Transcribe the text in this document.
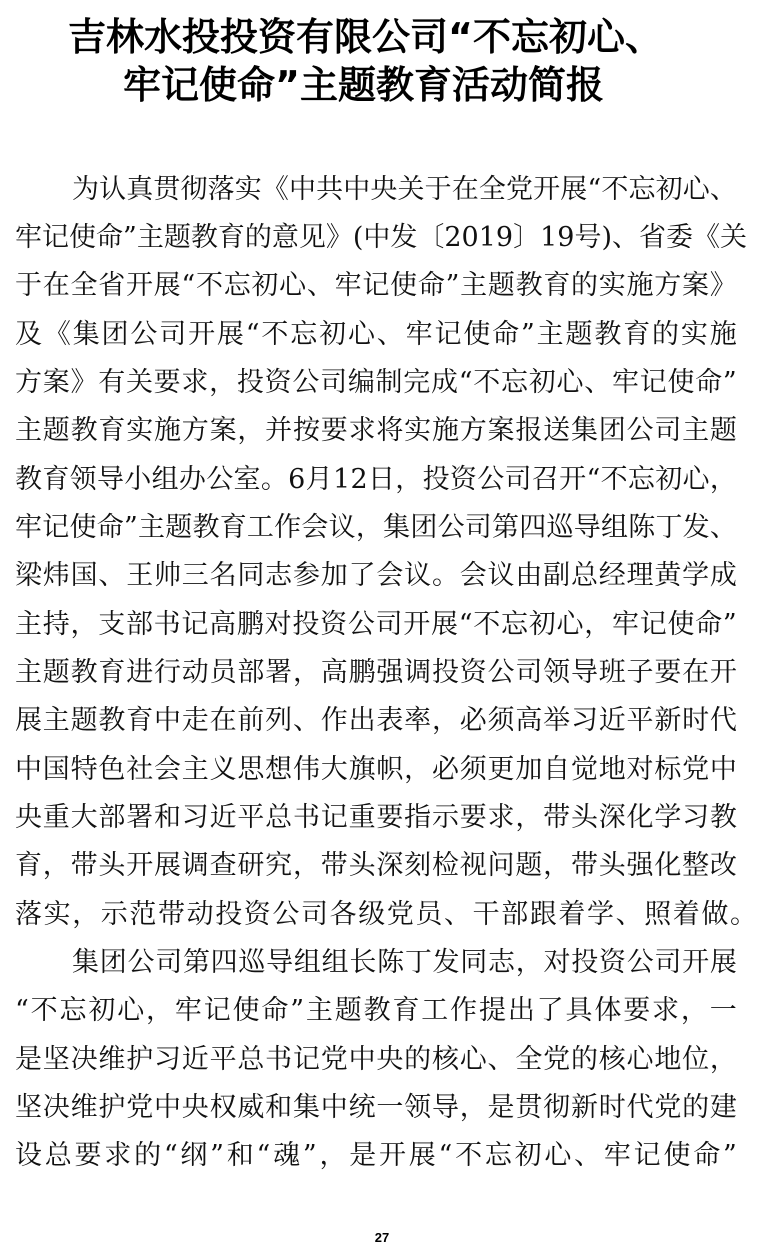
吉林水投投资有限公司“不忘初心、
牢记使命”主题教育活动简报
为 认 真 贯 彻 落 实 《 中 共 中 央 关 于 在 全 党 开 展 “ 不 忘 初 心 、
牢 记 使 命 ” 主 题 教 育 的 意 见 》 ( 中 发 〔 2 0 1 9 〕 1 9 号 ) 、 省 委 《 关
于 在 全 省 开 展 “ 不 忘 初 心 、 牢 记 使 命 ” 主 题 教 育 的 实 施 方 案 》
及 《 集 团 公 司 开 展 “ 不 忘 初 心 、 牢 记 使 命 ” 主 题 教 育 的 实 施
方 案 》 有 关 要 求 ， 投 资 公 司 编 制 完 成 “ 不 忘 初 心 、 牢 记 使 命 ”
主 题 教 育 实 施 方 案 ， 并 按 要 求 将 实 施 方 案 报 送 集 团 公 司 主 题
教 育 领 导 小 组 办 公 室 。 6 月 1 2 日 ， 投 资 公 司 召 开 “ 不 忘 初 心 ，
牢 记 使 命 ” 主 题 教 育 工 作 会 议 ， 集 团 公 司 第 四 巡 导 组 陈 丁 发 、
梁 炜 国 、 王 帅 三 名 同 志 参 加 了 会 议 。 会 议 由 副 总 经 理 黄 学 成
主 持 ， 支 部 书 记 高 鹏 对 投 资 公 司 开 展 “ 不 忘 初 心 ， 牢 记 使 命 ”
主 题 教 育 进 行 动 员 部 署 ， 高 鹏 强 调 投 资 公 司 领 导 班 子 要 在 开
展 主 题 教 育 中 走 在 前 列 、 作 出 表 率 ， 必 须 高 举 习 近 平 新 时 代
中 国 特 色 社 会 主 义 思 想 伟 大 旗 帜 ， 必 须 更 加 自 觉 地 对 标 党 中
央 重 大 部 署 和 习 近 平 总 书 记 重 要 指 示 要 求 ， 带 头 深 化 学 习 教
育 ， 带 头 开 展 调 查 研 究 ， 带 头 深 刻 检 视 问 题 ， 带 头 强 化 整 改
落实，示范带动投资公司各级党员、干部跟着学、照着做。
集 团 公 司 第 四 巡 导 组 组 长 陈 丁 发 同 志 ， 对 投 资 公 司 开 展
“ 不 忘 初 心 ， 牢 记 使 命 ” 主 题 教 育 工 作 提 出 了 具 体 要 求 ， 一
是 坚 决 维 护 习 近 平 总 书 记 党 中 央 的 核 心 、 全 党 的 核 心 地 位 ，
坚 决 维 护 党 中 央 权 威 和 集 中 统 一 领 导 ， 是 贯 彻 新 时 代 党 的 建
设 总 要 求 的 “ 纲 ” 和 “ 魂 ” ， 是 开 展 “ 不 忘 初 心 、 牢 记 使 命 ”
27
